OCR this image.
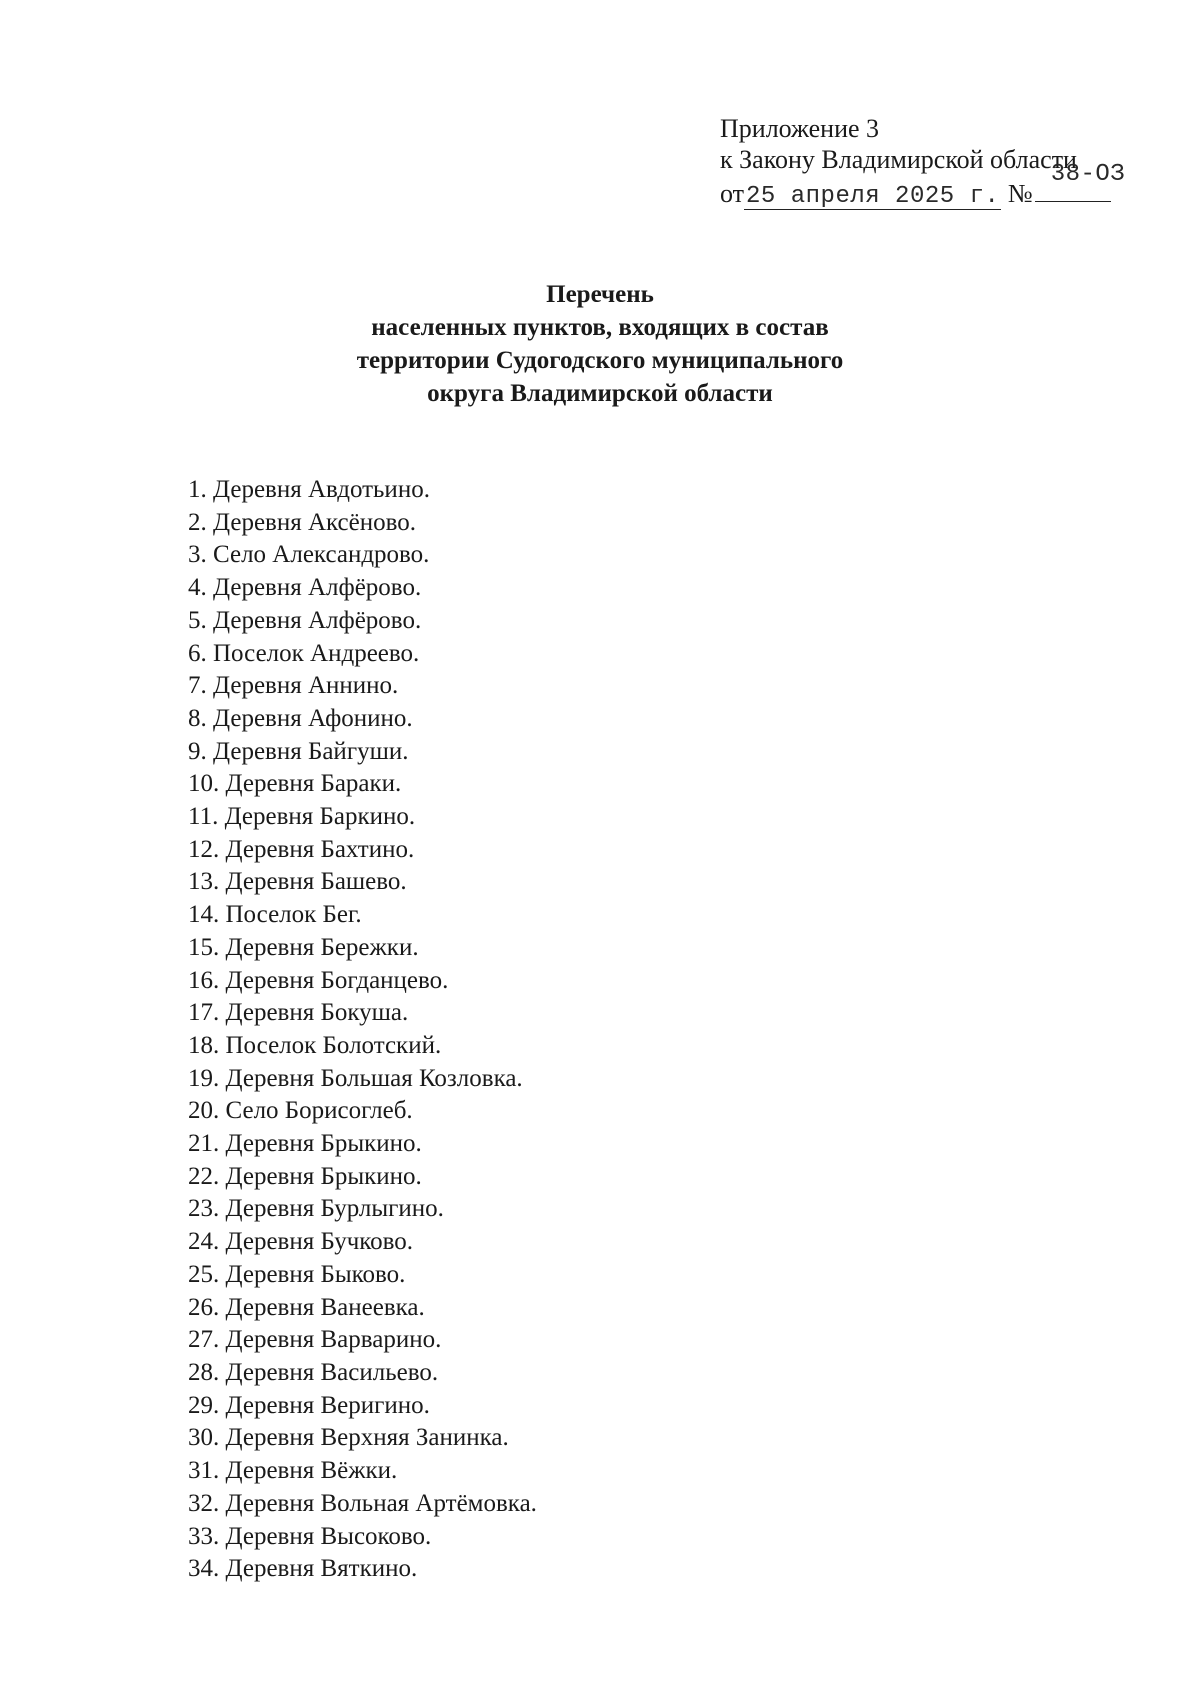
Приложение 3
к Закону Владимирской области
от25 апреля 2025 г. №
38-ОЗ
Перечень
населенных пунктов, входящих в состав
территории Судогодского муниципального
округа Владимирской области
1. Деревня Авдотьино.
2. Деревня Аксёново.
3. Село Александрово.
4. Деревня Алфёрово.
5. Деревня Алфёрово.
6. Поселок Андреево.
7. Деревня Аннино.
8. Деревня Афонино.
9. Деревня Байгуши.
10. Деревня Бараки.
11. Деревня Баркино.
12. Деревня Бахтино.
13. Деревня Башево.
14. Поселок Бег.
15. Деревня Бережки.
16. Деревня Богданцево.
17. Деревня Бокуша.
18. Поселок Болотский.
19. Деревня Большая Козловка.
20. Село Борисоглеб.
21. Деревня Брыкино.
22. Деревня Брыкино.
23. Деревня Бурлыгино.
24. Деревня Бучково.
25. Деревня Быково.
26. Деревня Ванеевка.
27. Деревня Варварино.
28. Деревня Васильево.
29. Деревня Веригино.
30. Деревня Верхняя Занинка.
31. Деревня Вёжки.
32. Деревня Вольная Артёмовка.
33. Деревня Высоково.
34. Деревня Вяткино.
